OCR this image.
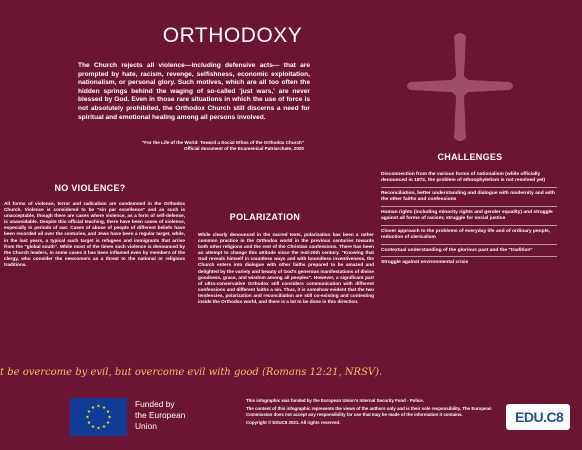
ORTHODOXY

The Church rejects all violence—including defensive acts— that are prompted by hate, racism, revenge, selfishness, economic exploitation, nationalism, or personal glory. Such motives, which are all too often the hidden springs behind the waging of so-called 'just wars,' are never blessed by God. Even in those rare situations in which the use of force is not absolutely prohibited, the Orthodox Church still discerns a need for spiritual and emotional healing among all persons involved.

"For the Life of the World: Toward a Social Ethos of the Orthodox Church"
Official document of the Ecumenical Patriarchate, 2020
NO VIOLENCE?

All forms of violence, terror and radicalism are condemned in the Orthodox Church. Violence is considered to be "sin par excellence" and as such is unacceptable, though there are cases where violence, as a form of self-defense, is unavoidable. Despite this official teaching, there have been cases of violence, especially in periods of war. Cases of abuse of people of different beliefs have been recorded all over the centuries, and Jews have been a regular target, while, in the last years, a typical such target is refugees and immigrants that arrive from the "global south". While most of the times such violence is denounced by the Church leaders, in some cases it has been inflamed even by members of the clergy, who consider the newcomers as a threat to the national or religious traditions.

POLARIZATION

While clearly denounced in the sacred texts, polarization has been a rather common practice in the Orthodox world in the previous centuries towards both other religions and the rest of the Christian confessions. There has been an attempt to change this attitude since the mid-20th century. "Knowing that God reveals himself in countless ways and with boundless inventiveness, the Church enters into dialogue with other faiths prepared to be amazed and delighted by the variety and beauty of God's generous manifestations of divine goodness, grace, and wisdom among all peoples". However, a significant part of ultra-conservative Orthodox still considers communication with different confessions and different faiths a sin. Thus, it is somehow evident that the two tendencies, polarization and reconciliation are still co-existing and contesting inside the Orthodox world, and there is a lot to be done in this direction.

CHALLENGES
Disconnection from the various forms of nationalism (while officially denounced in 1872, the problem of ethnophyletism is not resolved yet)
Reconciliation, better understanding and dialogue with modernity and with the other faiths and confessions
Human rights (including minority rights and gender equality) and struggle against all forms of racism; struggle for social justice
Closer approach to the problems of everyday life and of ordinary people, reduction of clericalism
Contextual understanding of the glorious past and the "tradition"
Struggle against environmental crisis
t be overcome by evil, but overcome evil with good (Romans 12:21, NRSV).
Funded by
the European
Union

This infographic was funded by the European Union's Internal Security Fund - Police.

The content of this infographic represents the views of the authors only and is their sole responsibility. The European Commission does not accept any responsibility for use that may be made of the information it contains.

Copyright © EDUC8 2021. All rights reserved.	EDU.C8
